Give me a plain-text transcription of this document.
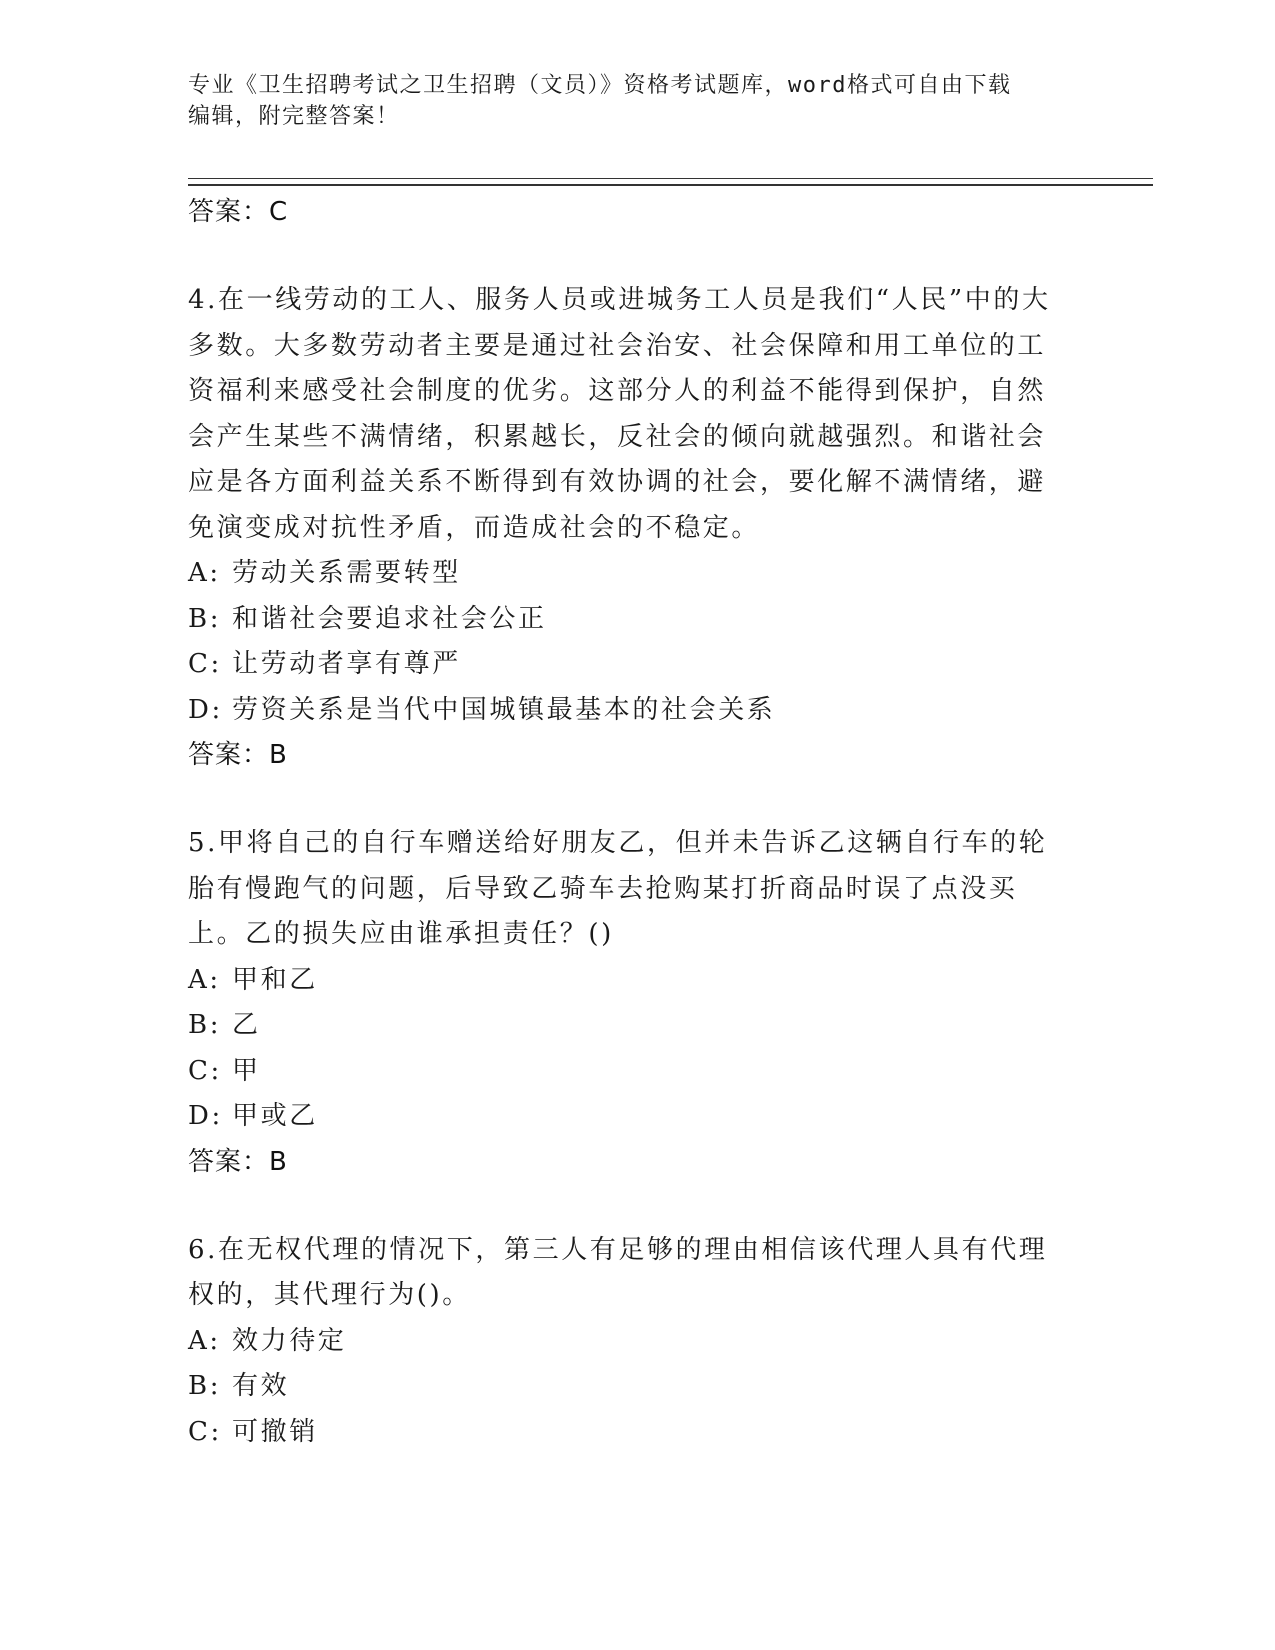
专业《卫生招聘考试之卫生招聘（文员）》资格考试题库，word格式可自由下载
编辑，附完整答案！
答案：C

4.在一线劳动的工人、服务人员或进城务工人员是我们“人民”中的大多数。大多数劳动者主要是通过社会治安、社会保障和用工单位的工资福利来感受社会制度的优劣。这部分人的利益不能得到保护，自然会产生某些不满情绪，积累越长，反社会的倾向就越强烈。和谐社会应是各方面利益关系不断得到有效协调的社会，要化解不满情绪，避免演变成对抗性矛盾，而造成社会的不稳定。

A: 劳动关系需要转型
B: 和谐社会要追求社会公正
C: 让劳动者享有尊严
D: 劳资关系是当代中国城镇最基本的社会关系
答案：B

5.甲将自己的自行车赠送给好朋友乙，但并未告诉乙这辆自行车的轮胎有慢跑气的问题，后导致乙骑车去抢购某打折商品时误了点没买上。乙的损失应由谁承担责任？()

A: 甲和乙
B: 乙
C: 甲
D: 甲或乙
答案：B

6.在无权代理的情况下，第三人有足够的理由相信该代理人具有代理权的，其代理行为()。

A: 效力待定
B: 有效
C: 可撤销
